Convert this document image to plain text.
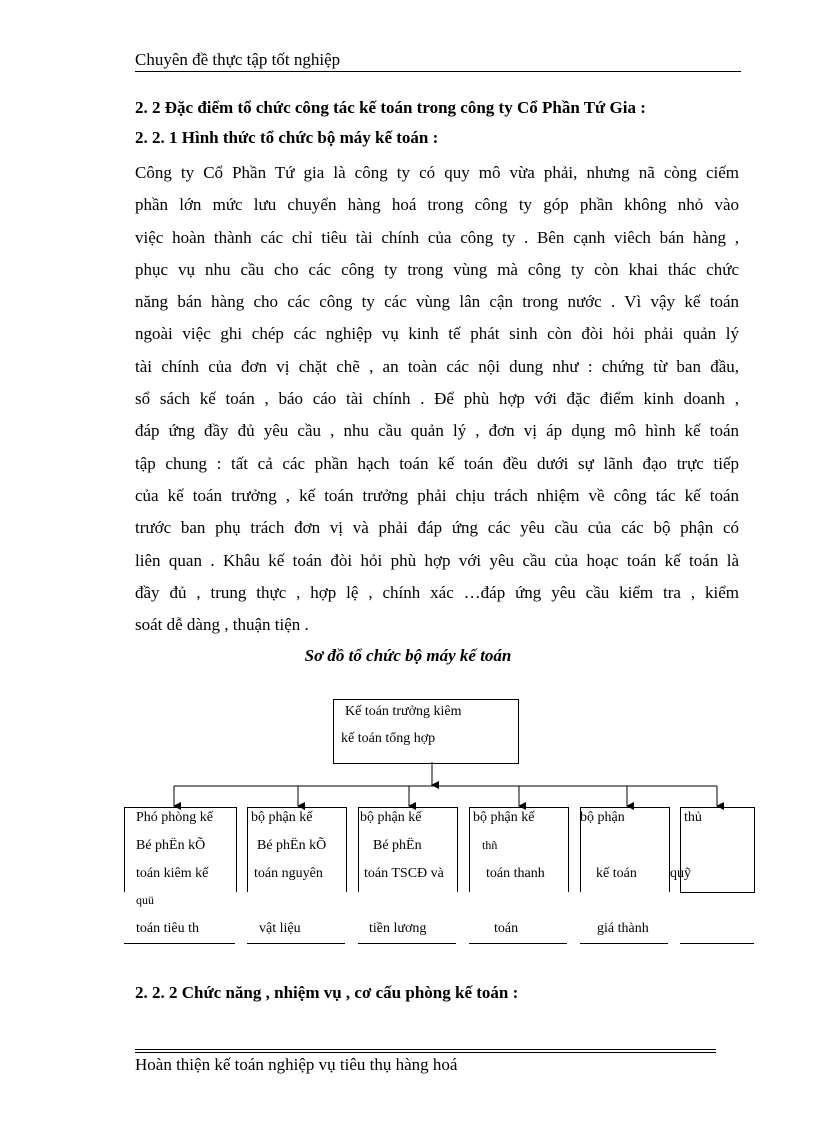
Chuyên đề thực tập tốt nghiệp
2. 2 Đặc điểm tổ chức công tác kế toán trong công ty Cổ Phần Tứ Gia :
2. 2. 1 Hình thức tổ chức bộ máy kế toán :
Công ty Cổ Phần Tứ gia là công ty có quy mô vừa phải, nhưng nã còng ciếm
phần lớn mức lưu chuyển hàng hoá trong công ty góp phần không nhỏ vào
việc hoàn thành các chỉ tiêu tài chính của công ty . Bên cạnh viêch bán hàng ,
phục vụ nhu cầu cho các công ty trong vùng mà công ty còn khai thác chức
năng bán hàng cho các công ty các vùng lân cận trong nước . Vì vậy kế toán
ngoài việc ghi chép các nghiệp vụ kinh tế phát sinh còn đòi hỏi phải quản lý
tài chính của đơn vị chặt chẽ , an toàn các nội dung như : chứng từ ban đầu,
sổ sách kế toán , báo cáo tài chính . Để phù hợp với đặc điểm kinh doanh ,
đáp ứng đầy đủ yêu cầu , nhu cầu quản lý , đơn vị áp dụng mô hình kế toán
tập chung : tất cả các phần hạch toán kế toán đều dưới sự lãnh đạo trực tiếp
của kế toán trưởng , kế toán trưởng phải chịu trách nhiệm về công tác kế toán
trước ban phụ trách đơn vị và phải đáp ứng các yêu cầu của các bộ phận có
liên quan . Khâu kế toán đòi hỏi phù hợp với yêu cầu của hoạc toán kế toán là
đầy đủ , trung thực , hợp lệ , chính xác …đáp ứng yêu cầu kiểm tra , kiểm
soát dễ dàng , thuận tiện .
Sơ đồ tổ chức bộ máy kế toán
Kế toán trưởng kiêm
kế toán tổng hợp
Phó phòng kế
Bé phËn kÕ
toán kiêm kế
quü
toán tiêu th
bộ phận kế
Bé phËn kÕ
toán nguyên
vật liệu
bộ phận kế
Bé phËn
toán TSCĐ và
tiền lương
bộ phận kế
thñ
toán thanh
toán
bộ phận
kế toán
giá thành
thủ
quỹ
2. 2. 2 Chức năng , nhiệm vụ , cơ cấu phòng kế toán :
Hoàn thiện kế toán nghiệp vụ tiêu thụ hàng hoá
